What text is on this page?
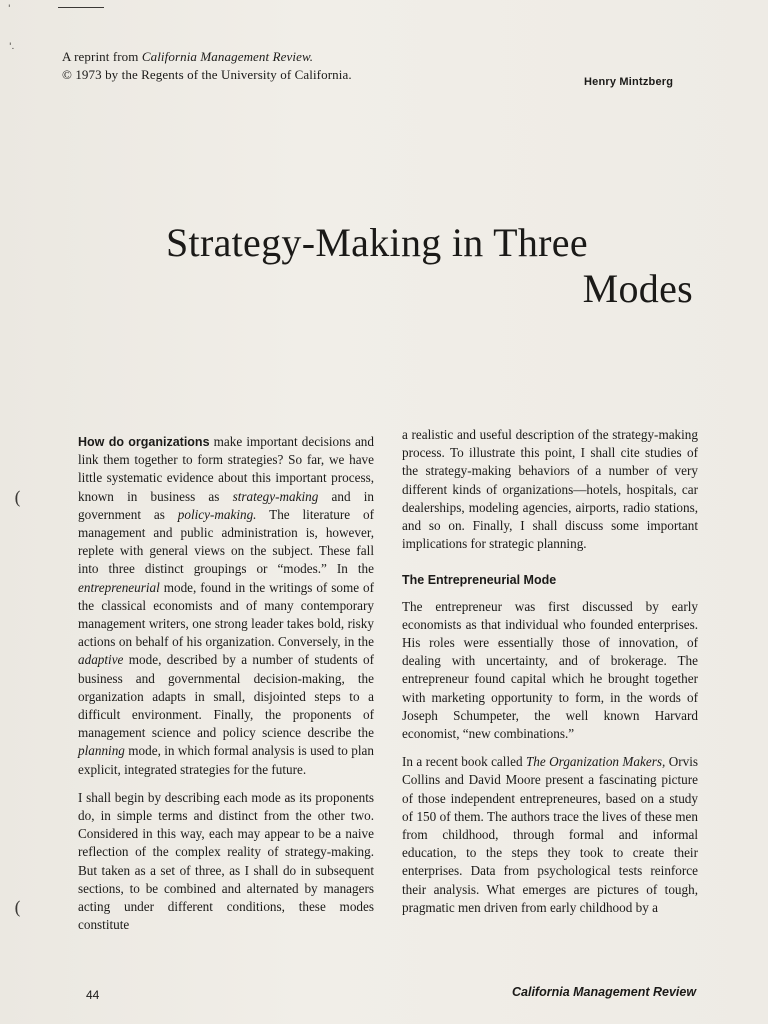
'
'.
A reprint from California Management Review.
© 1973 by the Regents of the University of California.	Henry Mintzberg
Strategy-Making in Three
Modes
(
(

How do organizations make important decisions and link them together to form strategies? So far, we have little systematic evidence about this important process, known in business as strategy-making and in government as policy-making. The literature of management and public administration is, however, replete with general views on the subject. These fall into three distinct groupings or “modes.” In the entrepreneurial mode, found in the writings of some of the classical economists and of many contemporary management writers, one strong leader takes bold, risky actions on behalf of his organization. Conversely, in the adaptive mode, described by a number of students of business and governmental decision-making, the organization adapts in small, disjointed steps to a difficult environment. Finally, the proponents of management science and policy science describe the planning mode, in which formal analysis is used to plan explicit, integrated strategies for the future.

I shall begin by describing each mode as its proponents do, in simple terms and distinct from the other two. Considered in this way, each may appear to be a naive reflection of the complex reality of strategy-making. But taken as a set of three, as I shall do in subsequent sections, to be combined and alternated by managers acting under different conditions, these modes constitute

a realistic and useful description of the strategy-making process. To illustrate this point, I shall cite studies of the strategy-making behaviors of a number of very different kinds of organizations—hotels, hospitals, car dealerships, modeling agencies, airports, radio stations, and so on. Finally, I shall discuss some important implications for strategic planning.

The Entrepreneurial Mode

The entrepreneur was first discussed by early economists as that individual who founded enterprises. His roles were essentially those of innovation, of dealing with uncertainty, and of brokerage. The entrepreneur found capital which he brought together with marketing opportunity to form, in the words of Joseph Schumpeter, the well known Harvard economist, “new combinations.”

In a recent book called The Organization Makers, Orvis Collins and David Moore present a fascinating picture of those independent entrepreneures, based on a study of 150 of them. The authors trace the lives of these men from childhood, through formal and informal education, to the steps they took to create their enterprises. Data from psychological tests reinforce their analysis. What emerges are pictures of tough, pragmatic men driven from early childhood by a

44	California Management Review
